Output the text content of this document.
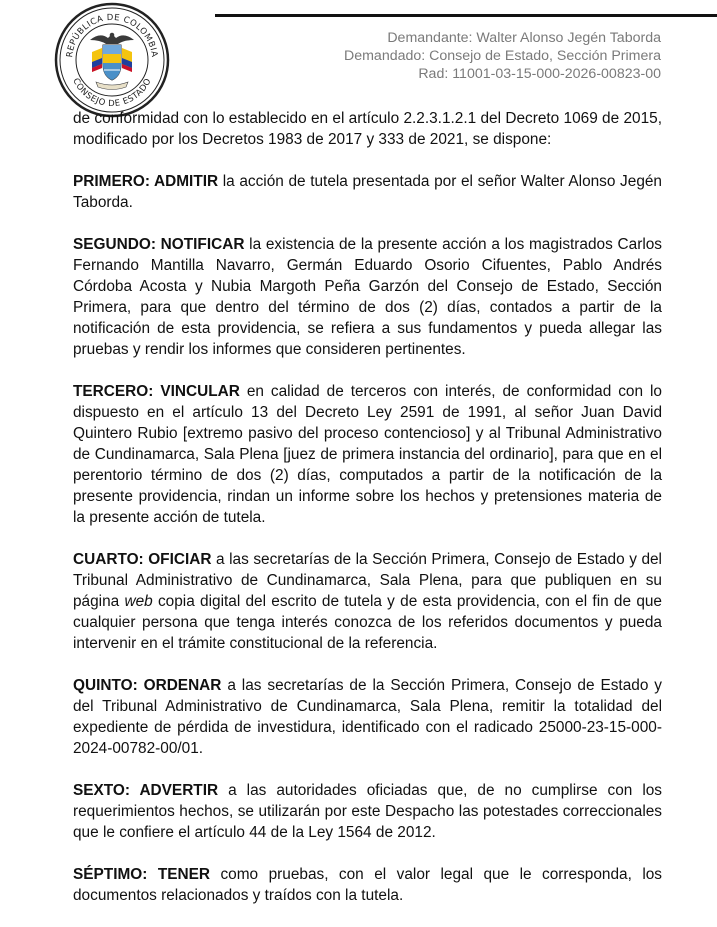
REPÚBLICA DE COLOMBIA
CONSEJO DE ESTADO
Demandante: Walter Alonso Jegén Taborda
Demandado: Consejo de Estado, Sección Primera
Rad: 11001-03-15-000-2026-00823-00

de conformidad con lo establecido en el artículo 2.2.3.1.2.1 del Decreto 1069 de 2015, modificado por los Decretos 1983 de 2017 y 333 de 2021, se dispone:

PRIMERO: ADMITIR la acción de tutela presentada por el señor Walter Alonso Jegén Taborda.

SEGUNDO: NOTIFICAR la existencia de la presente acción a los magistrados Carlos Fernando Mantilla Navarro, Germán Eduardo Osorio Cifuentes, Pablo Andrés Córdoba Acosta y Nubia Margoth Peña Garzón del Consejo de Estado, Sección Primera, para que dentro del término de dos (2) días, contados a partir de la notificación de esta providencia, se refiera a sus fundamentos y pueda allegar las pruebas y rendir los informes que consideren pertinentes.

TERCERO: VINCULAR en calidad de terceros con interés, de conformidad con lo dispuesto en el artículo 13 del Decreto Ley 2591 de 1991, al señor Juan David Quintero Rubio [extremo pasivo del proceso contencioso] y al Tribunal Administrativo de Cundinamarca, Sala Plena [juez de primera instancia del ordinario], para que en el perentorio término de dos (2) días, computados a partir de la notificación de la presente providencia, rindan un informe sobre los hechos y pretensiones materia de la presente acción de tutela.

CUARTO: OFICIAR a las secretarías de la Sección Primera, Consejo de Estado y del Tribunal Administrativo de Cundinamarca, Sala Plena, para que publiquen en su página web copia digital del escrito de tutela y de esta providencia, con el fin de que cualquier persona que tenga interés conozca de los referidos documentos y pueda intervenir en el trámite constitucional de la referencia.

QUINTO: ORDENAR a las secretarías de la Sección Primera, Consejo de Estado y del Tribunal Administrativo de Cundinamarca, Sala Plena, remitir la totalidad del expediente de pérdida de investidura, identificado con el radicado 25000-23-15-000-2024-00782-00/01.

SEXTO: ADVERTIR a las autoridades oficiadas que, de no cumplirse con los requerimientos hechos, se utilizarán por este Despacho las potestades correccionales que le confiere el artículo 44 de la Ley 1564 de 2012.

SÉPTIMO: TENER como pruebas, con el valor legal que le corresponda, los documentos relacionados y traídos con la tutela.
